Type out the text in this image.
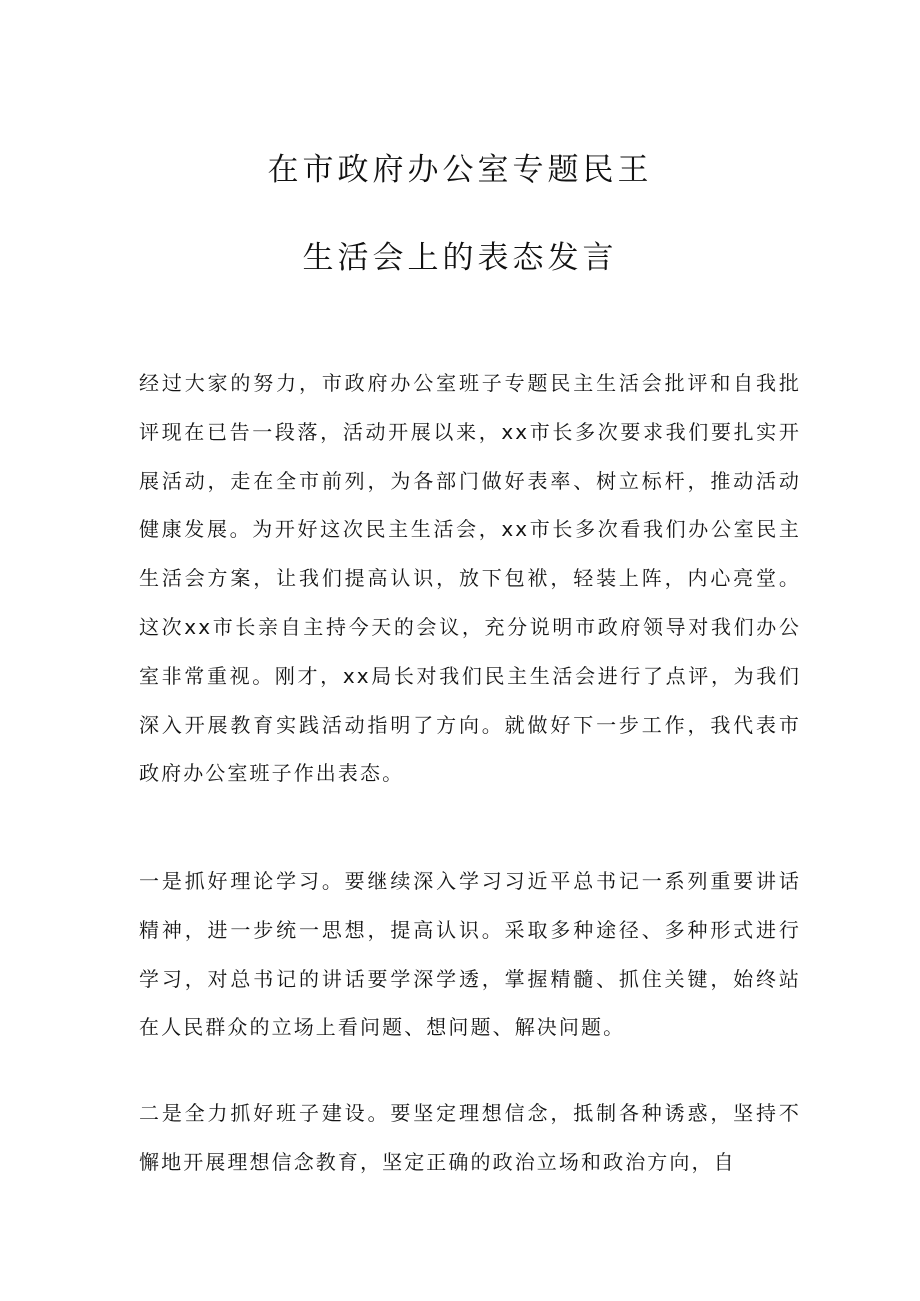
在市政府办公室专题民王
生活会上的表态发言

经过大家的努力，市政府办公室班子专题民主生活会批评和自我批评现在已告一段落，活动开展以来，xx市长多次要求我们要扎实开展活动，走在全市前列，为各部门做好表率、树立标杆，推动活动健康发展。为开好这次民主生活会，xx市长多次看我们办公室民主生活会方案，让我们提高认识，放下包袱，轻装上阵，内心亮堂。这次xx市长亲自主持今天的会议，充分说明市政府领导对我们办公室非常重视。刚才，xx局长对我们民主生活会进行了点评，为我们深入开展教育实践活动指明了方向。就做好下一步工作，我代表市政府办公室班子作出表态。

一是抓好理论学习。要继续深入学习习近平总书记一系列重要讲话精神，进一步统一思想，提高认识。采取多种途径、多种形式进行学习，对总书记的讲话要学深学透，掌握精髓、抓住关键，始终站在人民群众的立场上看问题、想问题、解决问题。

二是全力抓好班子建设。要坚定理想信念，抵制各种诱惑，坚持不懈地开展理想信念教育，坚定正确的政治立场和政治方向，自
